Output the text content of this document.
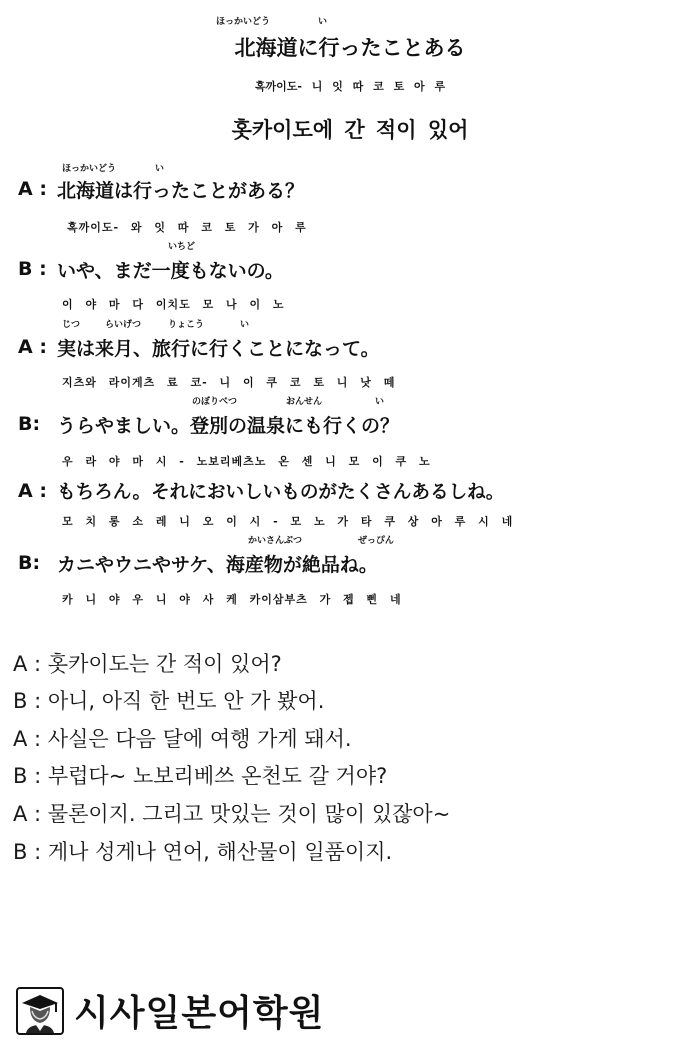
ほっかいどう	い
北海道に行ったことある
혹까이도- 니 잇 따 코 토 아 루
홋카이도에 간 적이 있어
ほっかいどう	い
A : 北海道は行ったことがある？
혹까이도- 와 잇 따 코 토 가 아 루
いちど
B : いや、まだ一度もないの。
이 야 마 다 이치도 모 나 이 노
じつ	らいげつ	りょこう	い
A : 実は来月、旅行に行くことになって。
지츠와 라이게츠 료 코- 니 이 쿠 코 토 니 낫 떼
のぼりべつ	おんせん	い
B: うらやましい。登別の温泉にも行くの？
우 라 야 마 시 - 노보리베츠노 온 센 니 모 이 쿠 노
A : もちろん。それにおいしいものがたくさんあるしね。
모 치 롱 소 레 니 오 이 시 - 모 노 가 타 쿠 상 아 루 시 네
かいさんぶつ	ぜっぴん
B: カニやウニやサケ、海産物が絶品ね。
카 니 야 우 니 야 사 케 카이삼부츠 가 젭 삔 네
A : 홋카이도는 간 적이 있어?
B : 아니, 아직 한 번도 안 가 봤어.
A : 사실은 다음 달에 여행 가게 돼서.
B : 부럽다~ 노보리베쓰 온천도 갈 거야?
A : 물론이지. 그리고 맛있는 것이 많이 있잖아~
B : 게나 성게나 연어, 해산물이 일품이지.
시사일본어학원
